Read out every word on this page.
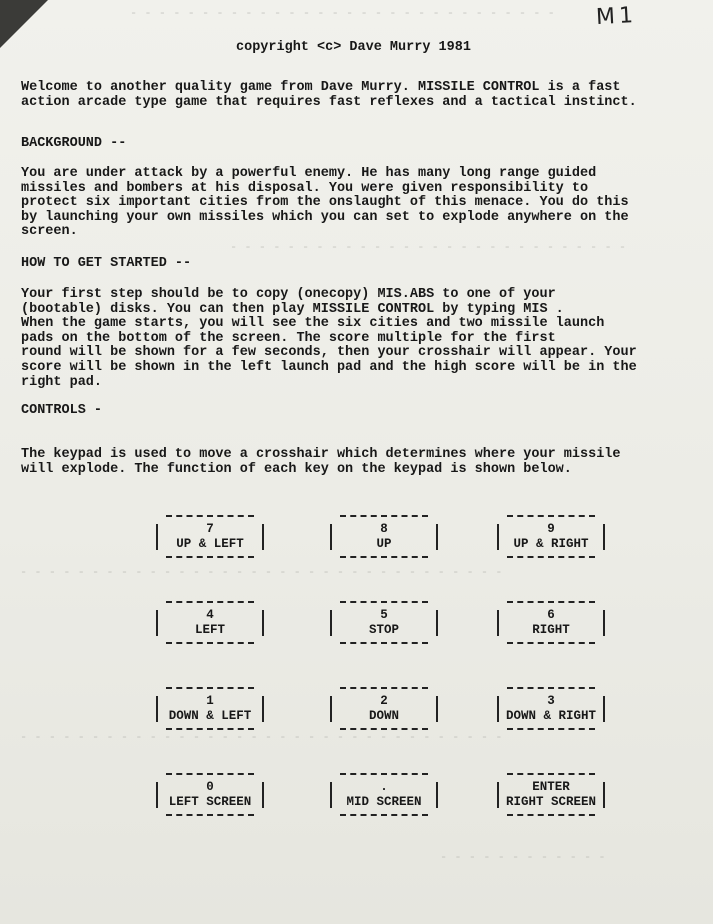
- - - - - - - - - - - - - - - - - - - - - - - - - - - - - -
- - - - - - - - - - - - - - - - - - - - - - - - - - - -
- - - - - - - - - - - - - - - - - - - - - - - - - - - - - - - - - -
- - - - - - - - - - - - - - - - - - - - - - - - - - - - - - - - - -
- - - - - - - - - - - -
M1
copyright <c> Dave Murry 1981

Welcome to another quality game from Dave Murry. MISSILE CONTROL is a fast

action arcade type game that requires fast reflexes and a tactical instinct.

BACKGROUND --

You are under attack by a powerful enemy. He has many long range guided

missiles and bombers at his disposal. You were given responsibility to

protect six important cities from the onslaught of this menace. You do this

by launching your own missiles which you can set to explode anywhere on the

screen.

HOW TO GET STARTED --

Your first step should be to copy (onecopy) MIS.ABS to one of your

(bootable) disks. You can then play MISSILE CONTROL by typing MIS .

When the game starts, you will see the six cities and two missile launch

pads on the bottom of the screen. The score multiple for the first

round will be shown for a few seconds, then your crosshair will appear. Your

score will be shown in the left launch pad and the high score will be in the

right pad.

CONTROLS -

The keypad is used to move a crosshair which determines where your missile

will explode. The function of each key on the keypad is shown below.

7
UP & LEFT
8
UP
9
UP & RIGHT
4
LEFT
5
STOP
6
RIGHT
1
DOWN & LEFT
2
DOWN
3
DOWN & RIGHT
0
LEFT SCREEN
.
MID SCREEN
ENTER
RIGHT SCREEN
